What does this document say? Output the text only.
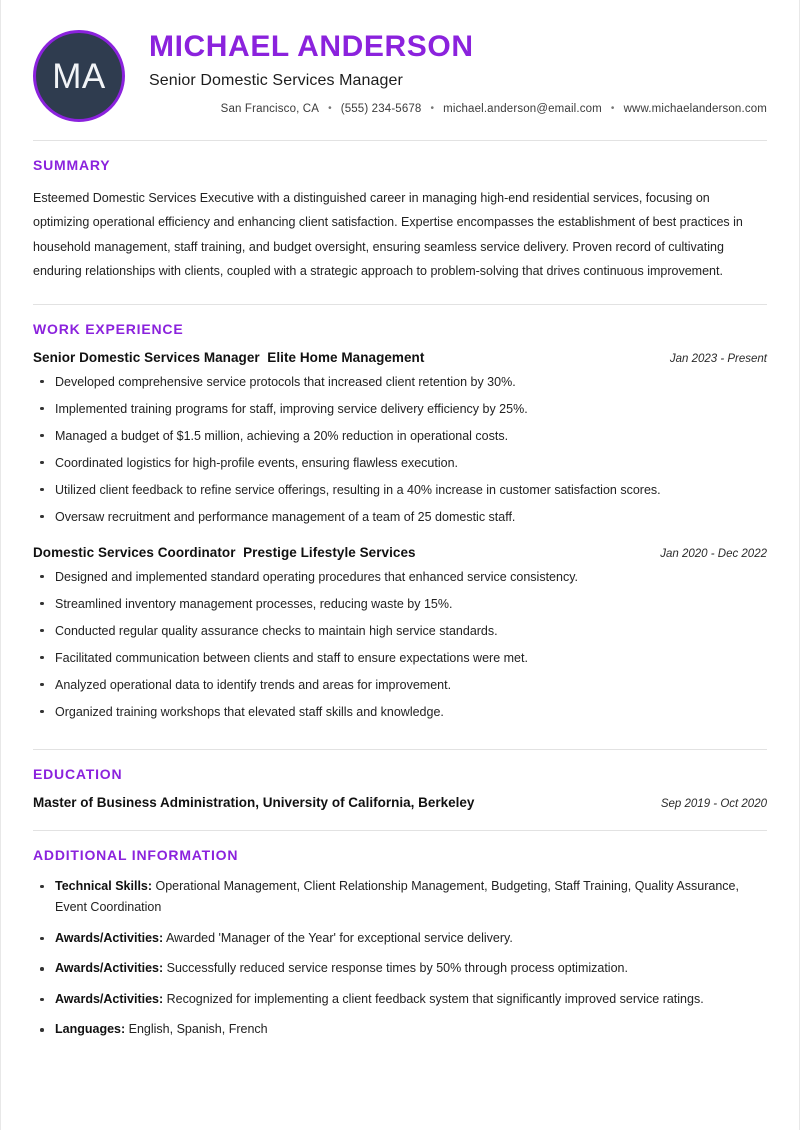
MA
MICHAEL ANDERSON
Senior Domestic Services Manager
San Francisco, CA • (555) 234-5678 • michael.anderson@email.com • www.michaelanderson.com
SUMMARY

Esteemed Domestic Services Executive with a distinguished career in managing high-end residential services, focusing on optimizing operational efficiency and enhancing client satisfaction. Expertise encompasses the establishment of best practices in household management, staff training, and budget oversight, ensuring seamless service delivery. Proven record of cultivating enduring relationships with clients, coupled with a strategic approach to problem-solving that drives continuous improvement.

WORK EXPERIENCE
Senior Domestic Services Manager  Elite Home Management	Jan 2023 - Present
Developed comprehensive service protocols that increased client retention by 30%.
Implemented training programs for staff, improving service delivery efficiency by 25%.
Managed a budget of $1.5 million, achieving a 20% reduction in operational costs.
Coordinated logistics for high-profile events, ensuring flawless execution.
Utilized client feedback to refine service offerings, resulting in a 40% increase in customer satisfaction scores.
Oversaw recruitment and performance management of a team of 25 domestic staff.
Domestic Services Coordinator  Prestige Lifestyle Services	Jan 2020 - Dec 2022
Designed and implemented standard operating procedures that enhanced service consistency.
Streamlined inventory management processes, reducing waste by 15%.
Conducted regular quality assurance checks to maintain high service standards.
Facilitated communication between clients and staff to ensure expectations were met.
Analyzed operational data to identify trends and areas for improvement.
Organized training workshops that elevated staff skills and knowledge.
EDUCATION
Master of Business Administration, University of California, Berkeley	Sep 2019 - Oct 2020
ADDITIONAL INFORMATION
Technical Skills: Operational Management, Client Relationship Management, Budgeting, Staff Training, Quality Assurance, Event Coordination
Awards/Activities: Awarded 'Manager of the Year' for exceptional service delivery.
Awards/Activities: Successfully reduced service response times by 50% through process optimization.
Awards/Activities: Recognized for implementing a client feedback system that significantly improved service ratings.
Languages: English, Spanish, French
